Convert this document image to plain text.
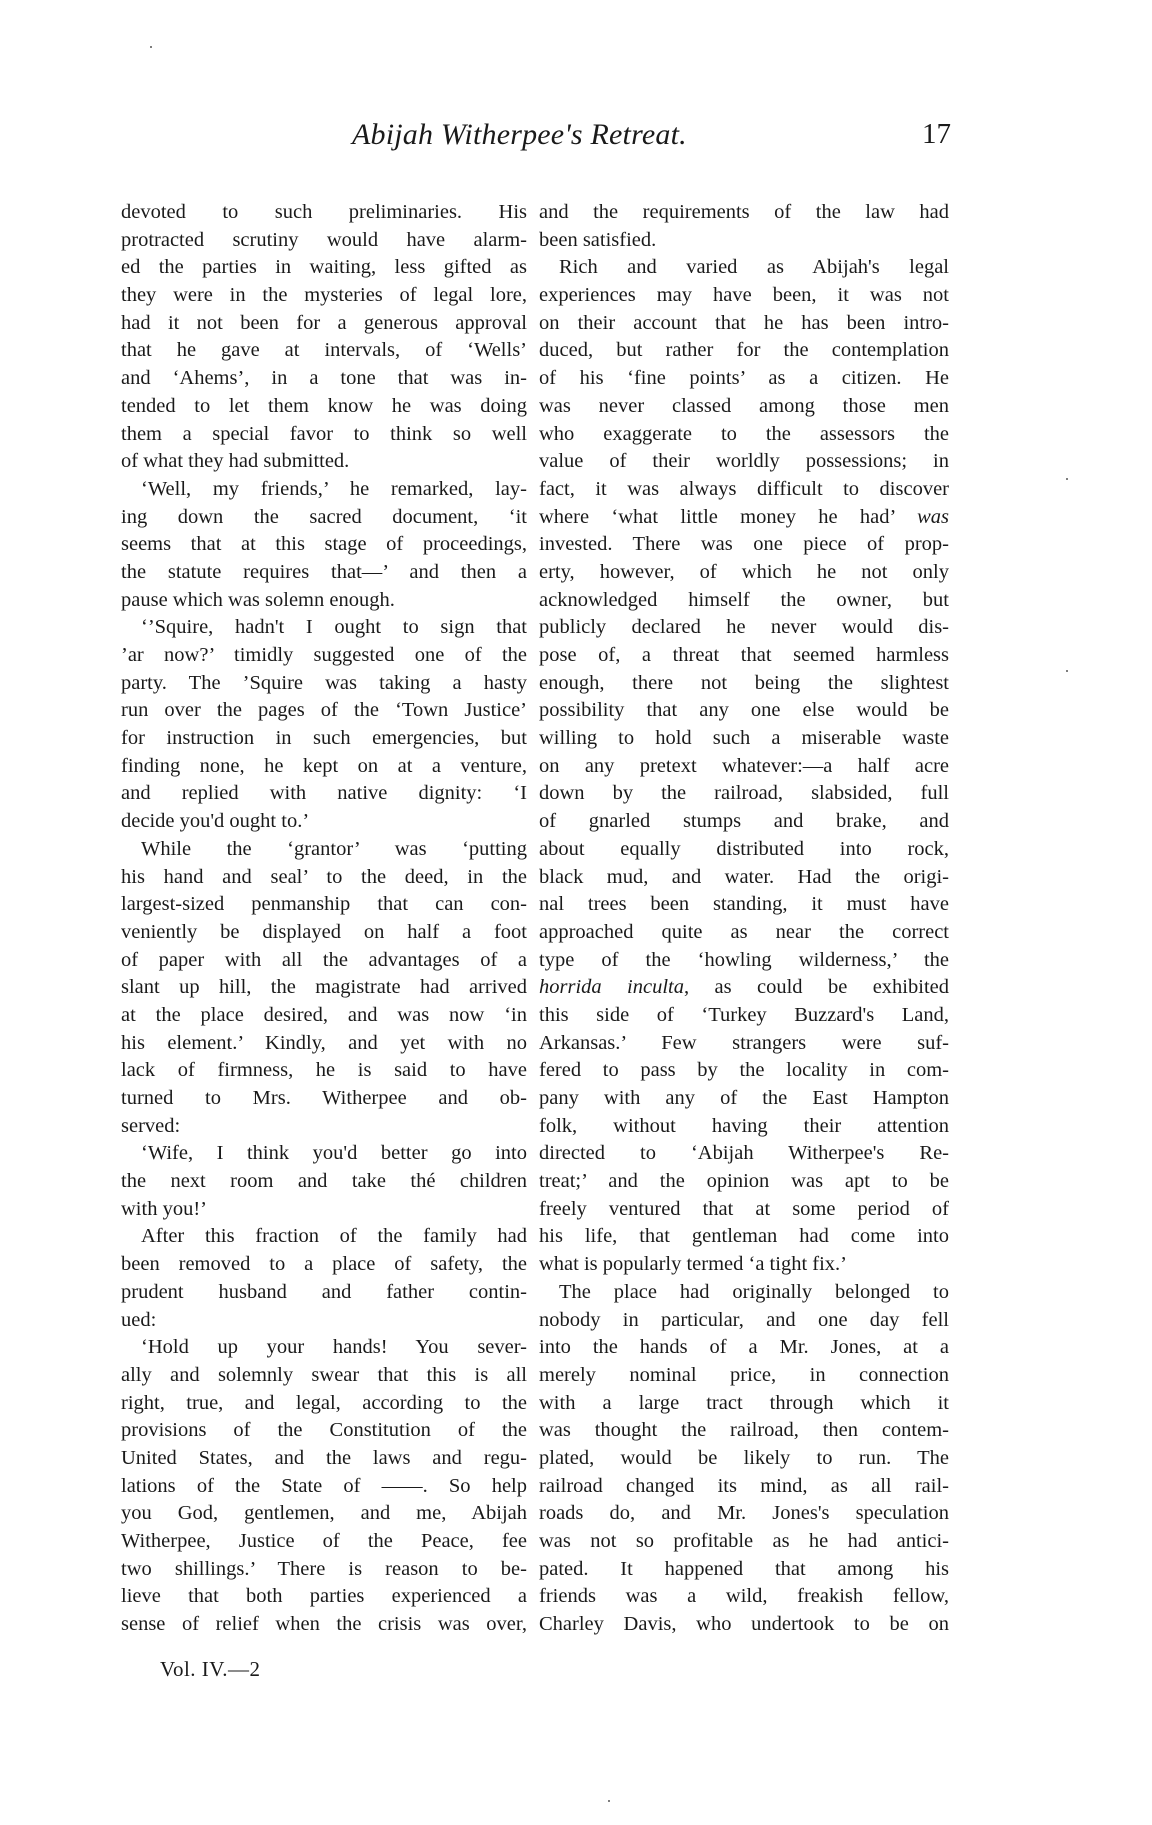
Abijah Witherpee's Retreat.	17
devoted to such preliminaries. His
protracted scrutiny would have alarm-
ed the parties in waiting, less gifted as
they were in the mysteries of legal lore,
had it not been for a generous approval
that he gave at intervals, of ‘Wells’
and ‘Ahems’, in a tone that was in-
tended to let them know he was doing
them a special favor to think so well
of what they had submitted.
‘Well, my friends,’ he remarked, lay-
ing down the sacred document, ‘it
seems that at this stage of proceedings,
the statute requires that—’ and then a
pause which was solemn enough.
‘’Squire, hadn't I ought to sign that
’ar now?’ timidly suggested one of the
party. The ’Squire was taking a hasty
run over the pages of the ‘Town Justice’
for instruction in such emergencies, but
finding none, he kept on at a venture,
and replied with native dignity: ‘I
decide you'd ought to.’
While the ‘grantor’ was ‘putting
his hand and seal’ to the deed, in the
largest-sized penmanship that can con-
veniently be displayed on half a foot
of paper with all the advantages of a
slant up hill, the magistrate had arrived
at the place desired, and was now ‘in
his element.’ Kindly, and yet with no
lack of firmness, he is said to have
turned to Mrs. Witherpee and ob-
served:
‘Wife, I think you'd better go into
the next room and take thé children
with you!’
After this fraction of the family had
been removed to a place of safety, the
prudent husband and father contin-
ued:
‘Hold up your hands! You sever-
ally and solemnly swear that this is all
right, true, and legal, according to the
provisions of the Constitution of the
United States, and the laws and regu-
lations of the State of ——. So help
you God, gentlemen, and me, Abijah
Witherpee, Justice of the Peace, fee
two shillings.’ There is reason to be-
lieve that both parties experienced a
sense of relief when the crisis was over,
and the requirements of the law had
been satisfied.
Rich and varied as Abijah's legal
experiences may have been, it was not
on their account that he has been intro-
duced, but rather for the contemplation
of his ‘fine points’ as a citizen. He
was never classed among those men
who exaggerate to the assessors the
value of their worldly possessions; in
fact, it was always difficult to discover
where ‘what little money he had’ was
invested. There was one piece of prop-
erty, however, of which he not only
acknowledged himself the owner, but
publicly declared he never would dis-
pose of, a threat that seemed harmless
enough, there not being the slightest
possibility that any one else would be
willing to hold such a miserable waste
on any pretext whatever:—a half acre
down by the railroad, slabsided, full
of gnarled stumps and brake, and
about equally distributed into rock,
black mud, and water. Had the origi-
nal trees been standing, it must have
approached quite as near the correct
type of the ‘howling wilderness,’ the
horrida inculta, as could be exhibited
this side of ‘Turkey Buzzard's Land,
Arkansas.’ Few strangers were suf-
fered to pass by the locality in com-
pany with any of the East Hampton
folk, without having their attention
directed to ‘Abijah Witherpee's Re-
treat;’ and the opinion was apt to be
freely ventured that at some period of
his life, that gentleman had come into
what is popularly termed ‘a tight fix.’
The place had originally belonged to
nobody in particular, and one day fell
into the hands of a Mr. Jones, at a
merely nominal price, in connection
with a large tract through which it
was thought the railroad, then contem-
plated, would be likely to run. The
railroad changed its mind, as all rail-
roads do, and Mr. Jones's speculation
was not so profitable as he had antici-
pated. It happened that among his
friends was a wild, freakish fellow,
Charley Davis, who undertook to be on
Vol. IV.—2
